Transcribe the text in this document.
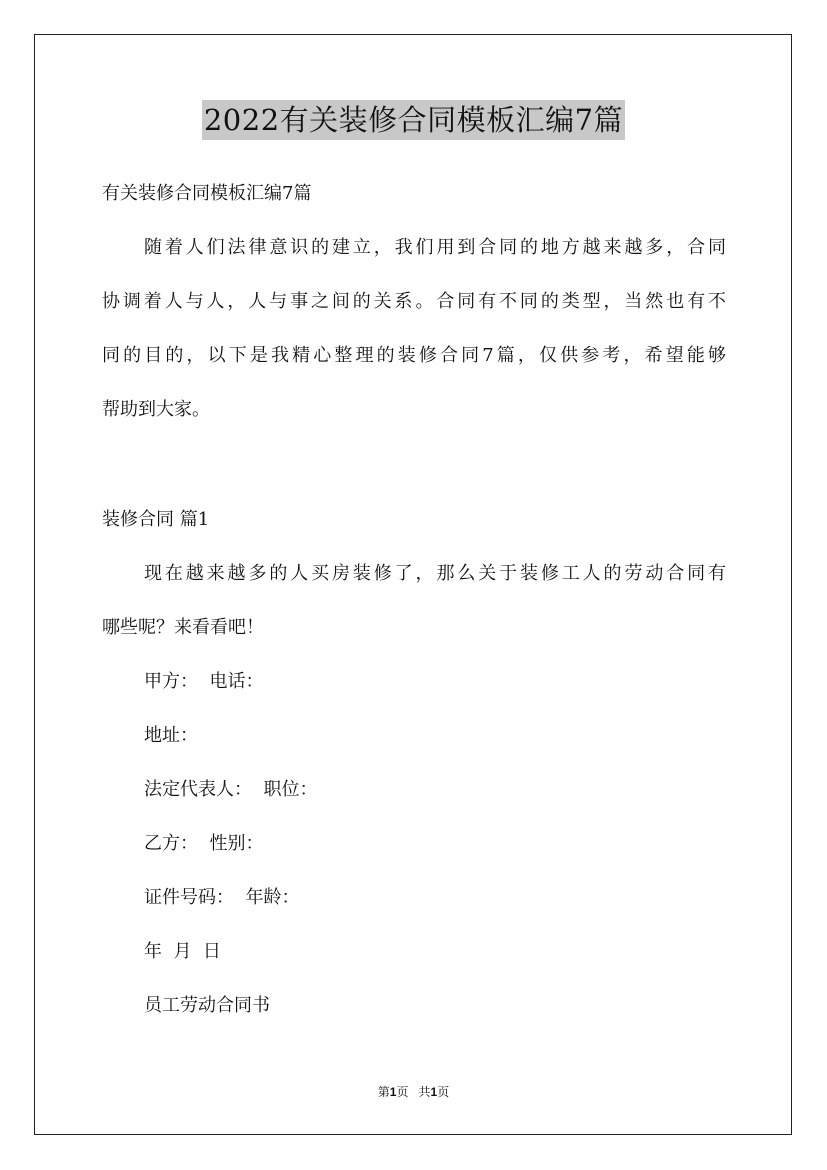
2022有关装修合同模板汇编7篇

有关装修合同模板汇编7篇

随着人们法律意识的建立，我们用到合同的地方越来越多，合同

协调着人与人，人与事之间的关系。合同有不同的类型，当然也有不

同的目的，以下是我精心整理的装修合同7篇，仅供参考，希望能够

帮助到大家。

装修合同 篇1

现在越来越多的人买房装修了，那么关于装修工人的劳动合同有

哪些呢？来看看吧！

甲方：  电话：

地址：

法定代表人：  职位：

乙方：  性别：

证件号码：  年龄：

年  月  日

员工劳动合同书

第1页 共1页
